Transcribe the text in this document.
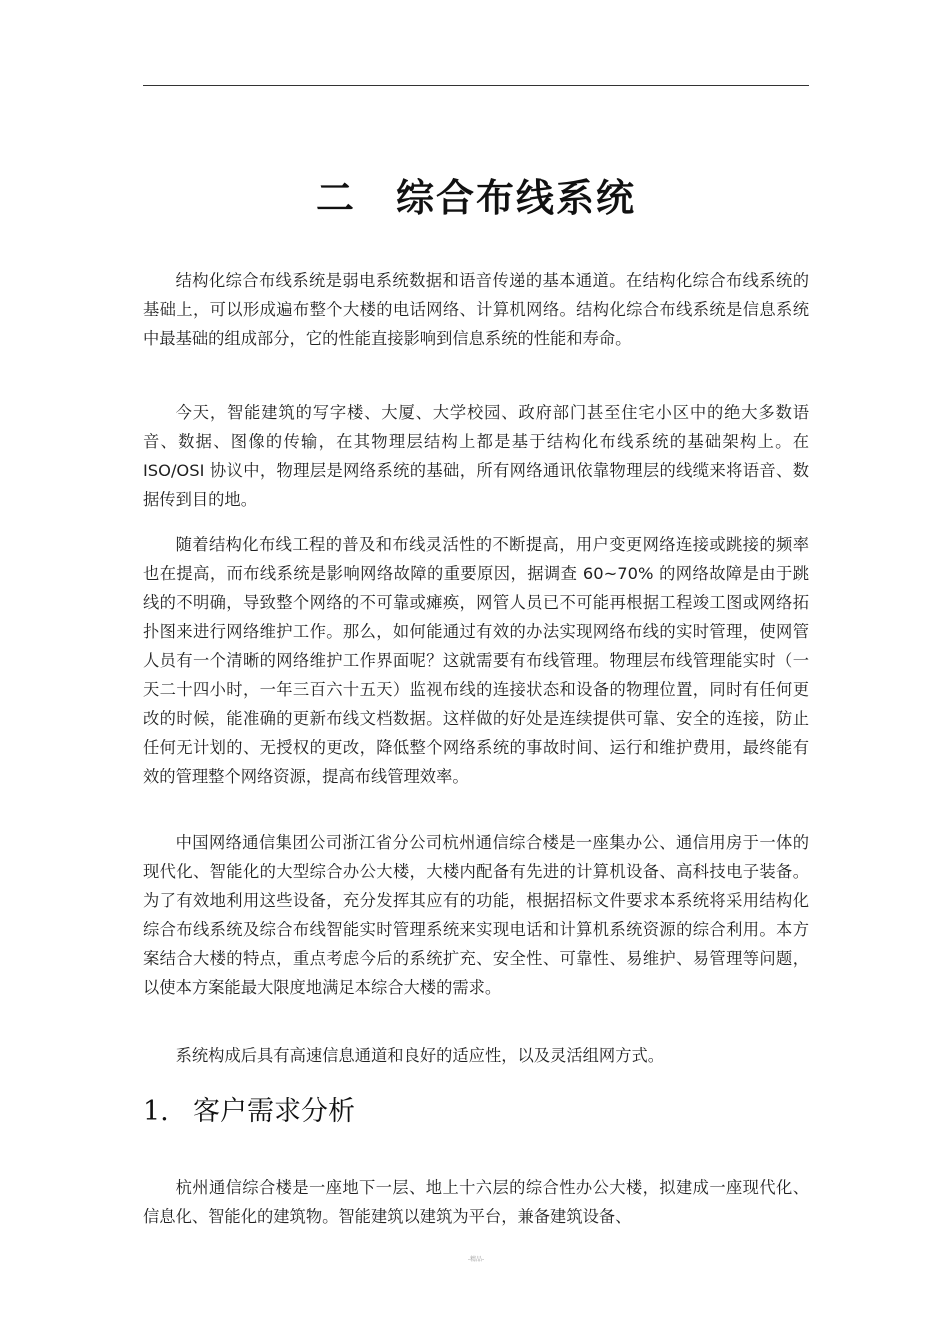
二 综合布线系统

结构化综合布线系统是弱电系统数据和语音传递的基本通道。在结构化综合布线系统的基础上，可以形成遍布整个大楼的电话网络、计算机网络。结构化综合布线系统是信息系统中最基础的组成部分，它的性能直接影响到信息系统的性能和寿命。

今天，智能建筑的写字楼、大厦、大学校园、政府部门甚至住宅小区中的绝大多数语音、数据、图像的传输，在其物理层结构上都是基于结构化布线系统的基础架构上。在 ISO/OSI 协议中，物理层是网络系统的基础，所有网络通讯依靠物理层的线缆来将语音、数据传到目的地。

随着结构化布线工程的普及和布线灵活性的不断提高，用户变更网络连接或跳接的频率也在提高，而布线系统是影响网络故障的重要原因，据调查 60~70% 的网络故障是由于跳线的不明确，导致整个网络的不可靠或瘫痪，网管人员已不可能再根据工程竣工图或网络拓扑图来进行网络维护工作。那么，如何能通过有效的办法实现网络布线的实时管理，使网管人员有一个清晰的网络维护工作界面呢？这就需要有布线管理。物理层布线管理能实时（一天二十四小时，一年三百六十五天）监视布线的连接状态和设备的物理位置，同时有任何更改的时候，能准确的更新布线文档数据。这样做的好处是连续提供可靠、安全的连接，防止任何无计划的、无授权的更改，降低整个网络系统的事故时间、运行和维护费用，最终能有效的管理整个网络资源，提高布线管理效率。

中国网络通信集团公司浙江省分公司杭州通信综合楼是一座集办公、通信用房于一体的现代化、智能化的大型综合办公大楼，大楼内配备有先进的计算机设备、高科技电子装备。为了有效地利用这些设备，充分发挥其应有的功能，根据招标文件要求本系统将采用结构化综合布线系统及综合布线智能实时管理系统来实现电话和计算机系统资源的综合利用。本方案结合大楼的特点，重点考虑今后的系统扩充、安全性、可靠性、易维护、易管理等问题，以使本方案能最大限度地满足本综合大楼的需求。

系统构成后具有高速信息通道和良好的适应性，以及灵活组网方式。

1. 客户需求分析

杭州通信综合楼是一座地下一层、地上十六层的综合性办公大楼，拟建成一座现代化、信息化、智能化的建筑物。智能建筑以建筑为平台，兼备建筑设备、

-精品-
